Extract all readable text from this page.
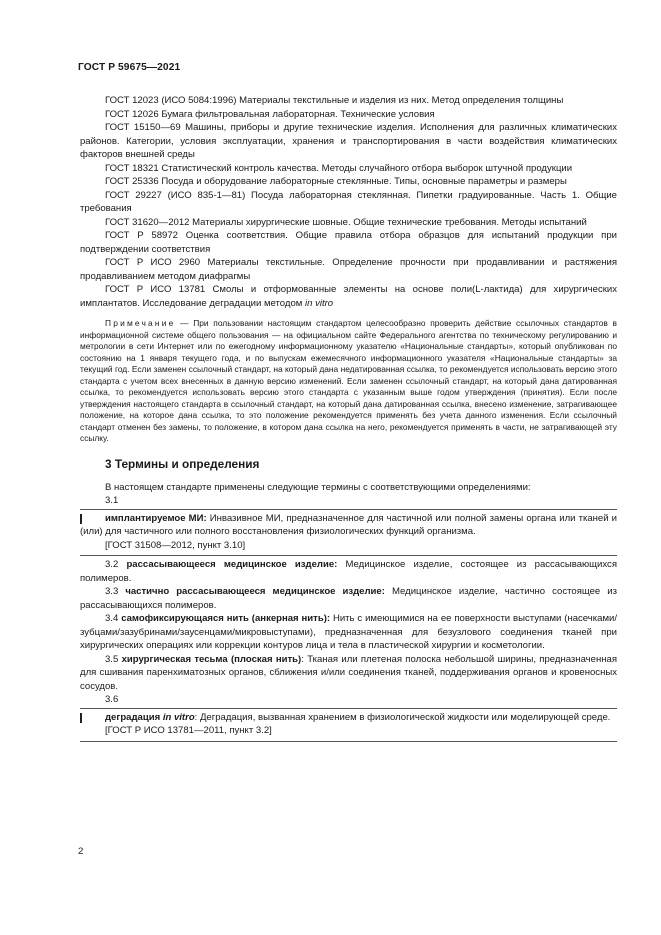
ГОСТ Р 59675—2021

ГОСТ 12023 (ИСО 5084:1996) Материалы текстильные и изделия из них. Метод определения толщины

ГОСТ 12026 Бумага фильтровальная лабораторная. Технические условия

ГОСТ 15150—69 Машины, приборы и другие технические изделия. Исполнения для различных климатических районов. Категории, условия эксплуатации, хранения и транспортирования в части воздействия климатических факторов внешней среды

ГОСТ 18321 Статистический контроль качества. Методы случайного отбора выборок штучной продукции

ГОСТ 25336 Посуда и оборудование лабораторные стеклянные. Типы, основные параметры и размеры

ГОСТ 29227 (ИСО 835-1—81) Посуда лабораторная стеклянная. Пипетки градуированные. Часть 1. Общие требования

ГОСТ 31620—2012 Материалы хирургические шовные. Общие технические требования. Методы испытаний

ГОСТ Р 58972 Оценка соответствия. Общие правила отбора образцов для испытаний продукции при подтверждении соответствия

ГОСТ Р ИСО 2960 Материалы текстильные. Определение прочности при продавливании и растяжения продавливанием методом диафрагмы

ГОСТ Р ИСО 13781 Смолы и отформованные элементы на основе поли(L-лактида) для хирургических имплантатов. Исследование деградации методом in vitro

Примечание — При пользовании настоящим стандартом целесообразно проверить действие ссылочных стандартов в информационной системе общего пользования — на официальном сайте Федерального агентства по техническому регулированию и метрологии в сети Интернет или по ежегодному информационному указателю «Национальные стандарты», который опубликован по состоянию на 1 января текущего года, и по выпускам ежемесячного информационного указателя «Национальные стандарты» за текущий год. Если заменен ссылочный стандарт, на который дана недатированная ссылка, то рекомендуется использовать версию этого стандарта с учетом всех внесенных в данную версию изменений. Если заменен ссылочный стандарт, на который дана датированная ссылка, то рекомендуется использовать версию этого стандарта с указанным выше годом утверждения (принятия). Если после утверждения настоящего стандарта в ссылочный стандарт, на который дана датированная ссылка, внесено изменение, затрагивающее положение, на которое дана ссылка, то это положение рекомендуется применять без учета данного изменения. Если ссылочный стандарт отменен без замены, то положение, в котором дана ссылка на него, рекомендуется применять в части, не затрагивающей эту ссылку.

3 Термины и определения

В настоящем стандарте применены следующие термины с соответствующими определениями:

3.1

имплантируемое МИ: Инвазивное МИ, предназначенное для частичной или полной замены органа или тканей и (или) для частичного или полного восстановления физиологических функций организма.

[ГОСТ 31508—2012, пункт 3.10]

3.2 рассасывающееся медицинское изделие: Медицинское изделие, состоящее из рассасывающихся полимеров.

3.3 частично рассасывающееся медицинское изделие: Медицинское изделие, частично состоящее из рассасывающихся полимеров.

3.4 самофиксирующаяся нить (анкерная нить): Нить с имеющимися на ее поверхности выступами (насечками/зубцами/зазубринами/заусенцами/микровыступами), предназначенная для безузлового соединения тканей при хирургических операциях или коррекции контуров лица и тела в пластической хирургии и косметологии.

3.5 хирургическая тесьма (плоская нить): Тканая или плетеная полоска небольшой ширины, предназначенная для сшивания паренхиматозных органов, сближения и/или соединения тканей, поддерживания органов и кровеносных сосудов.

3.6

деградация in vitro: Деградация, вызванная хранением в физиологической жидкости или моделирующей среде.

[ГОСТ Р ИСО 13781—2011, пункт 3.2]

2
